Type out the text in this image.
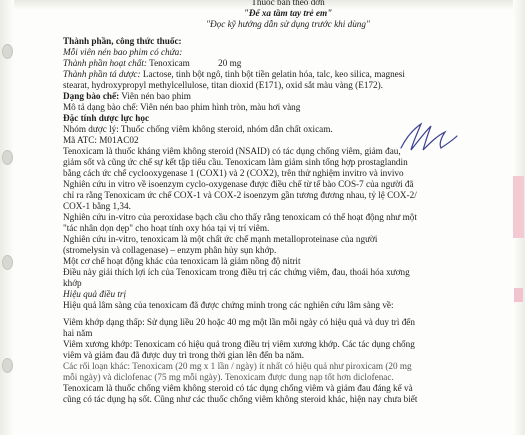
Thuốc bán theo đơn
"Để xa tầm tay trẻ em"
"Đọc kỹ hướng dẫn sử dụng trước khi dùng"
Thành phần, công thức thuốc:
Mỗi viên nén bao phim có chứa:
Thành phần hoạt chất: Tenoxicam	20 mg
Thành phần tá dược: Lactose, tinh bột ngô, tinh bột tiền gelatin hóa, talc, keo silica, magnesi
stearat, hydroxypropyl methylcellulose, titan dioxid (E171), oxid sắt màu vàng (E172).
Dạng bào chế: Viên nén bao phim
Mô tả dạng bào chế: Viên nén bao phim hình tròn, màu hơi vàng
Đặc tính dược lực học
Nhóm dược lý: Thuốc chống viêm không steroid, nhóm dẫn chất oxicam.
Mã ATC: M01AC02
Tenoxicam là thuốc kháng viêm không steroid (NSAID) có tác dụng chống viêm, giảm đau,
giảm sốt và cũng ức chế sự kết tập tiểu cầu. Tenoxicam làm giảm sinh tổng hợp prostaglandin
bằng cách ức chế cyclooxygenase 1 (COX1) và 2 (COX2), trên thử nghiệm invitro và invivo
Nghiên cứu in vitro về isoenzym cyclo-oxygenase được điều chế từ tế bào COS-7 của người đã
chỉ ra rằng Tenoxicam ức chế COX-1 và COX-2 isoenzym gần tương đương nhau, tỷ lệ COX-2/
COX-1 bằng 1,34.
Nghiên cứu in-vitro của peroxidase bạch cầu cho thấy rằng tenoxicam có thể hoạt động như một
"tác nhân dọn dẹp" cho hoạt tính oxy hóa tại vị trí viêm.
Nghiên cứu in-vitro, tenoxicam là một chất ức chế mạnh metalloproteinase của người
(stromelysin và collagenase) – enzym phân hủy sụn khớp.
Một cơ chế hoạt động khác của tenoxicam là giảm nồng độ nitrit
Điều này giải thích lợi ích của Tenoxicam trong điều trị các chứng viêm, đau, thoái hóa xương
khớp
Hiệu quả điều trị
Hiệu quả lâm sàng của tenoxicam đã được chứng minh trong các nghiên cứu lâm sàng về:
Viêm khớp dạng thấp: Sử dụng liều 20 hoặc 40 mg một lần mỗi ngày có hiệu quả và duy trì đến
hai năm
Viêm xương khớp: Tenoxicam có hiệu quả trong điều trị viêm xương khớp. Các tác dụng chống
viêm và giảm đau đã được duy trì trong thời gian lên đến ba năm.
Các rối loạn khác: Tenoxicam (20 mg x 1 lần / ngày) ít nhất có hiệu quả như piroxicam (20 mg
mỗi ngày) và diclofenac (75 mg mỗi ngày). Tenoxicam được dung nạp tốt hơn diclofenac.
Tenoxicam là thuốc chống viêm không steroid có tác dụng chống viêm và giảm đau đáng kể và
cũng có tác dụng hạ sốt. Cũng như các thuốc chống viêm không steroid khác, hiện nay chưa biết
